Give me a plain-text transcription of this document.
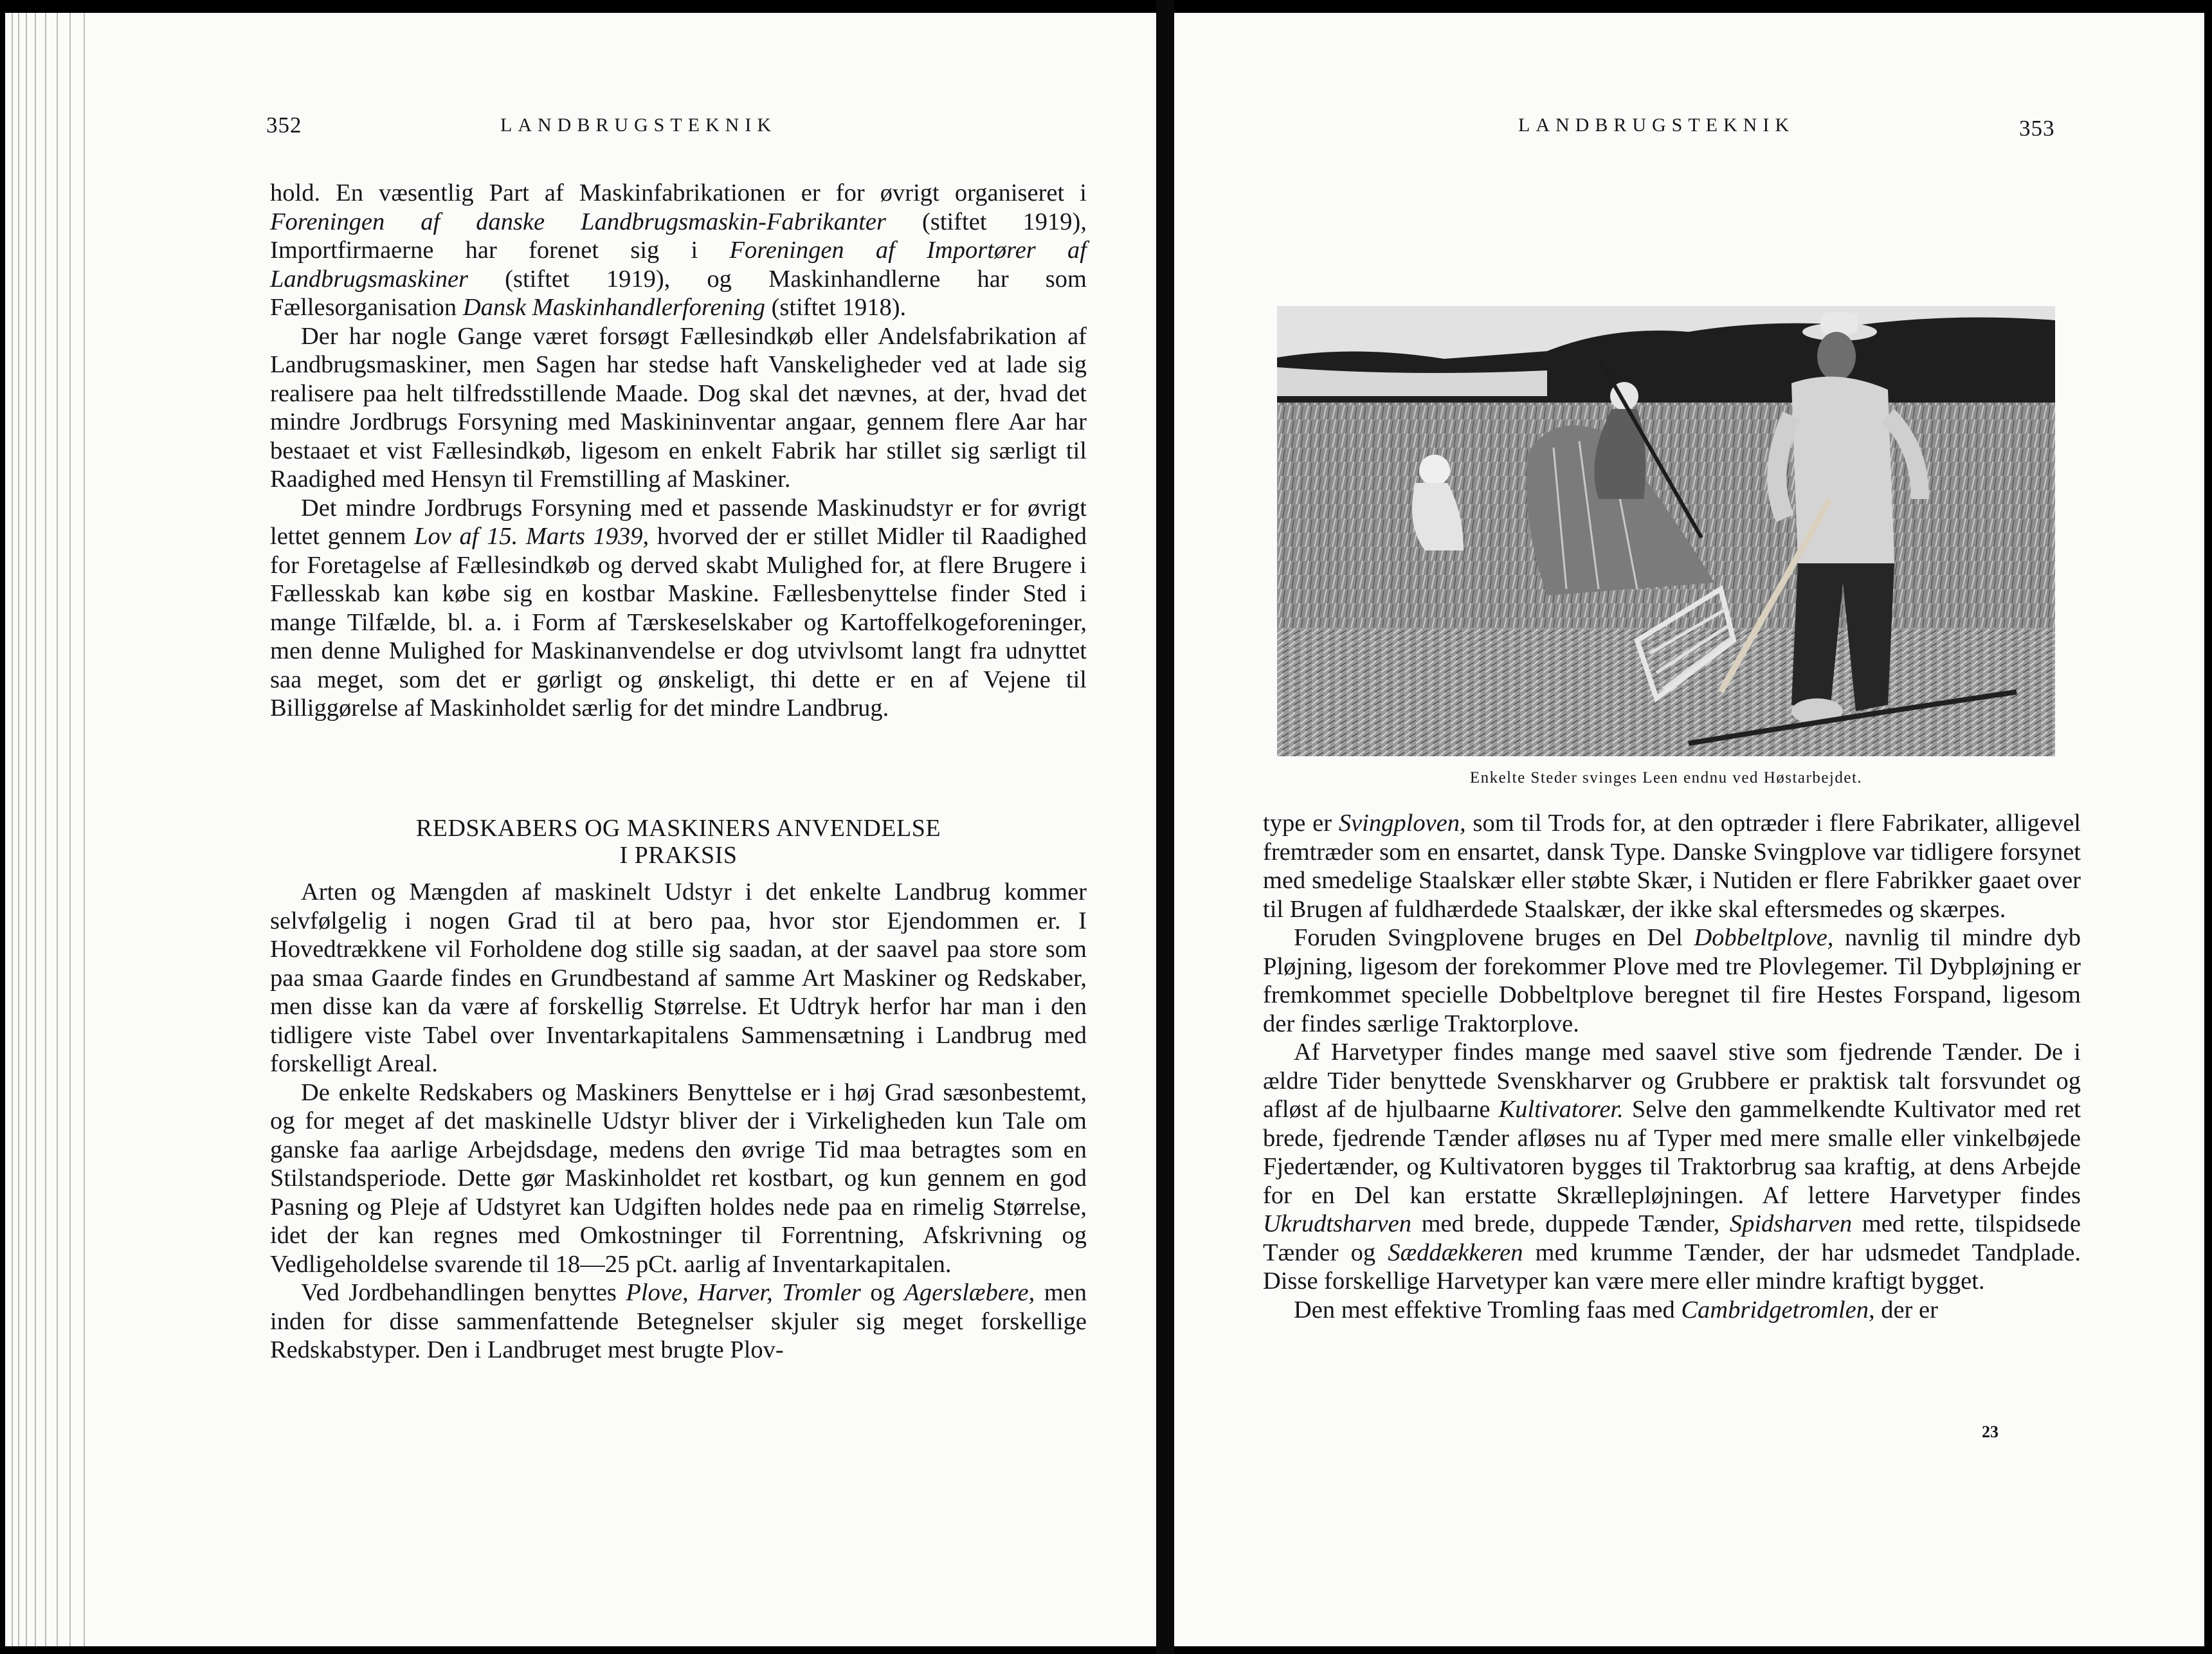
352	LANDBRUGSTEKNIK

hold. En væsentlig Part af Maskinfabrikationen er for øvrigt organiseret i Foreningen af danske Landbrugsmaskin-Fabrikanter (stiftet 1919), Importfirmaerne har forenet sig i Foreningen af Importører af Landbrugsmaskiner (stiftet 1919), og Maskinhandlerne har som Fællesorganisation Dansk Maskinhandlerforening (stiftet 1918).

Der har nogle Gange været forsøgt Fællesindkøb eller Andelsfabrikation af Landbrugsmaskiner, men Sagen har stedse haft Vanskeligheder ved at lade sig realisere paa helt tilfredsstillende Maade. Dog skal det nævnes, at der, hvad det mindre Jordbrugs Forsyning med Maskininventar angaar, gennem flere Aar har bestaaet et vist Fællesindkøb, ligesom en enkelt Fabrik har stillet sig særligt til Raadighed med Hensyn til Fremstilling af Maskiner.

Det mindre Jordbrugs Forsyning med et passende Maskinudstyr er for øvrigt lettet gennem Lov af 15. Marts 1939, hvorved der er stillet Midler til Raadighed for Foretagelse af Fællesindkøb og derved skabt Mulighed for, at flere Brugere i Fællesskab kan købe sig en kostbar Maskine. Fællesbenyttelse finder Sted i mange Tilfælde, bl. a. i Form af Tærskeselskaber og Kartoffelkogeforeninger, men denne Mulighed for Maskinanvendelse er dog utvivlsomt langt fra udnyttet saa meget, som det er gørligt og ønskeligt, thi dette er en af Vejene til Billiggørelse af Maskinholdet særlig for det mindre Landbrug.

REDSKABERS OG MASKINERS ANVENDELSE

I PRAKSIS

Arten og Mængden af maskinelt Udstyr i det enkelte Landbrug kommer selvfølgelig i nogen Grad til at bero paa, hvor stor Ejendommen er. I Hovedtrækkene vil Forholdene dog stille sig saadan, at der saavel paa store som paa smaa Gaarde findes en Grundbestand af samme Art Maskiner og Redskaber, men disse kan da være af forskellig Størrelse. Et Udtryk herfor har man i den tidligere viste Tabel over Inventarkapitalens Sammensætning i Landbrug med forskelligt Areal.

De enkelte Redskabers og Maskiners Benyttelse er i høj Grad sæsonbestemt, og for meget af det maskinelle Udstyr bliver der i Virkeligheden kun Tale om ganske faa aarlige Arbejdsdage, medens den øvrige Tid maa betragtes som en Stilstandsperiode. Dette gør Maskinholdet ret kostbart, og kun gennem en god Pasning og Pleje af Udstyret kan Udgiften holdes nede paa en rimelig Størrelse, idet der kan regnes med Omkostninger til Forrentning, Afskrivning og Vedligeholdelse svarende til 18—25 pCt. aarlig af Inventarkapitalen.

Ved Jordbehandlingen benyttes Plove, Harver, Tromler og Agerslæbere, men inden for disse sammenfattende Betegnelser skjuler sig meget forskellige Redskabstyper. Den i Landbruget mest brugte Plov-

LANDBRUGSTEKNIK	353
Enkelte Steder svinges Leen endnu ved Høstarbejdet.

type er Svingploven, som til Trods for, at den optræder i flere Fabrikater, alligevel fremtræder som en ensartet, dansk Type. Danske Svingplove var tidligere forsynet med smedelige Staalskær eller støbte Skær, i Nutiden er flere Fabrikker gaaet over til Brugen af fuldhærdede Staalskær, der ikke skal eftersmedes og skærpes.

Foruden Svingplovene bruges en Del Dobbeltplove, navnlig til mindre dyb Pløjning, ligesom der forekommer Plove med tre Plovlegemer. Til Dybpløjning er fremkommet specielle Dobbeltplove beregnet til fire Hestes Forspand, ligesom der findes særlige Traktorplove.

Af Harvetyper findes mange med saavel stive som fjedrende Tænder. De i ældre Tider benyttede Svenskharver og Grubbere er praktisk talt forsvundet og afløst af de hjulbaarne Kultivatorer. Selve den gammelkendte Kultivator med ret brede, fjedrende Tænder afløses nu af Typer med mere smalle eller vinkelbøjede Fjedertænder, og Kultivatoren bygges til Traktorbrug saa kraftig, at dens Arbejde for en Del kan erstatte Skrællepløjningen. Af lettere Harvetyper findes Ukrudtsharven med brede, duppede Tænder, Spidsharven med rette, tilspidsede Tænder og Sæddækkeren med krumme Tænder, der har udsmedet Tandplade. Disse forskellige Harvetyper kan være mere eller mindre kraftigt bygget.

Den mest effektive Tromling faas med Cambridgetromlen, der er

23
